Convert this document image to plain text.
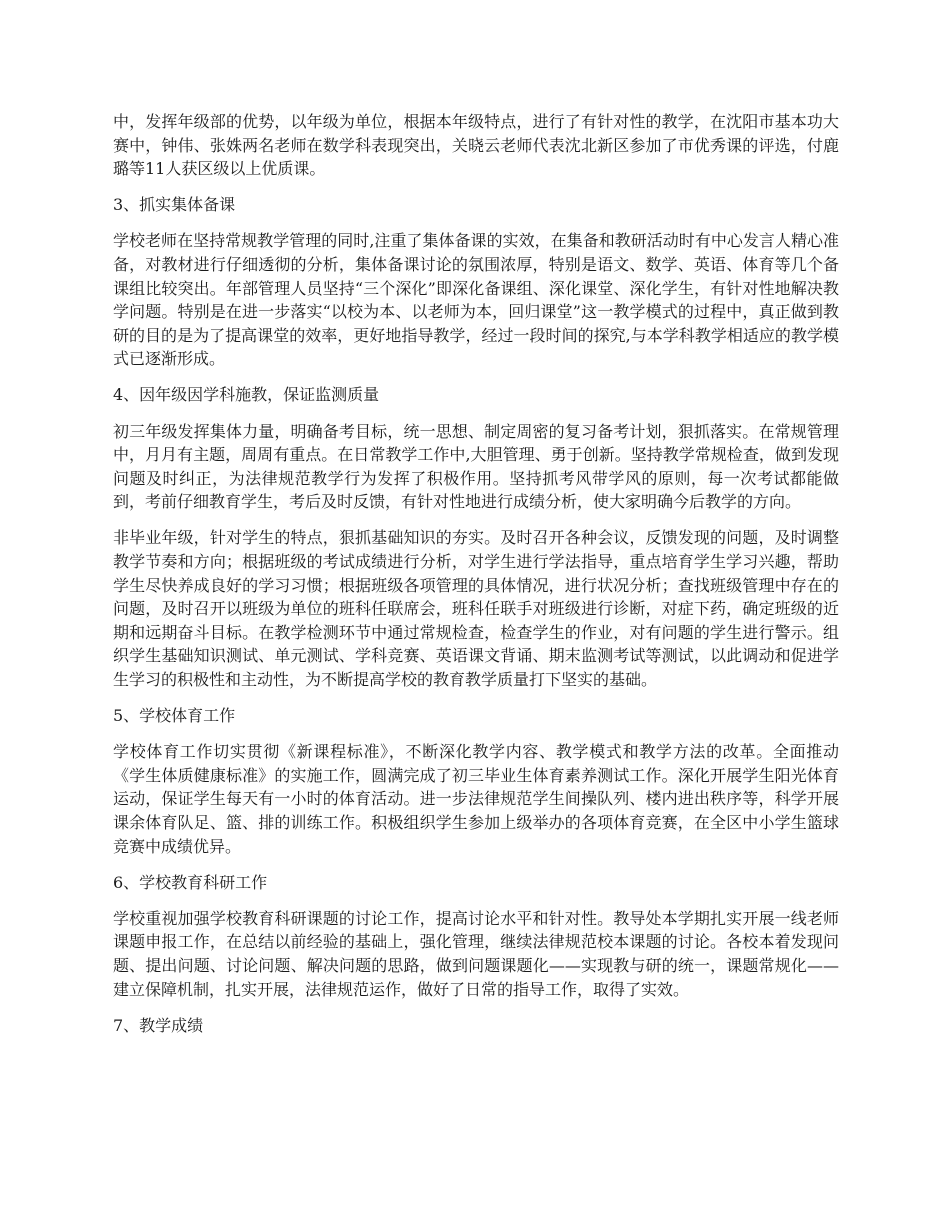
中，发挥年级部的优势，以年级为单位，根据本年级特点，进行了有针对性的教学，在沈阳市基本功大赛中，钟伟、张姝两名老师在数学科表现突出，关晓云老师代表沈北新区参加了市优秀课的评选，付鹿璐等11人获区级以上优质课。

3、抓实集体备课

学校老师在坚持常规教学管理的同时,注重了集体备课的实效，在集备和教研活动时有中心发言人精心准备，对教材进行仔细透彻的分析，集体备课讨论的氛围浓厚，特别是语文、数学、英语、体育等几个备课组比较突出。年部管理人员坚持“三个深化”即深化备课组、深化课堂、深化学生，有针对性地解决教学问题。特别是在进一步落实“以校为本、以老师为本，回归课堂”这一教学模式的过程中，真正做到教研的目的是为了提高课堂的效率，更好地指导教学，经过一段时间的探究,与本学科教学相适应的教学模式已逐渐形成。

4、因年级因学科施教，保证监测质量

初三年级发挥集体力量，明确备考目标，统一思想、制定周密的复习备考计划，狠抓落实。在常规管理中，月月有主题，周周有重点。在日常教学工作中,大胆管理、勇于创新。坚持教学常规检查，做到发现问题及时纠正，为法律规范教学行为发挥了积极作用。坚持抓考风带学风的原则，每一次考试都能做到，考前仔细教育学生，考后及时反馈，有针对性地进行成绩分析，使大家明确今后教学的方向。

非毕业年级，针对学生的特点，狠抓基础知识的夯实。及时召开各种会议，反馈发现的问题，及时调整教学节奏和方向；根据班级的考试成绩进行分析，对学生进行学法指导，重点培育学生学习兴趣，帮助学生尽快养成良好的学习习惯；根据班级各项管理的具体情况，进行状况分析；查找班级管理中存在的问题，及时召开以班级为单位的班科任联席会，班科任联手对班级进行诊断，对症下药，确定班级的近期和远期奋斗目标。在教学检测环节中通过常规检查，检查学生的作业，对有问题的学生进行警示。组织学生基础知识测试、单元测试、学科竞赛、英语课文背诵、期末监测考试等测试，以此调动和促进学生学习的积极性和主动性，为不断提高学校的教育教学质量打下坚实的基础。

5、学校体育工作

学校体育工作切实贯彻《新课程标准》，不断深化教学内容、教学模式和教学方法的改革。全面推动《学生体质健康标准》的实施工作，圆满完成了初三毕业生体育素养测试工作。深化开展学生阳光体育运动，保证学生每天有一小时的体育活动。进一步法律规范学生间操队列、楼内进出秩序等，科学开展课余体育队足、篮、排的训练工作。积极组织学生参加上级举办的各项体育竞赛，在全区中小学生篮球竞赛中成绩优异。

6、学校教育科研工作

学校重视加强学校教育科研课题的讨论工作，提高讨论水平和针对性。教导处本学期扎实开展一线老师课题申报工作，在总结以前经验的基础上，强化管理，继续法律规范校本课题的讨论。各校本着发现问题、提出问题、讨论问题、解决问题的思路，做到问题课题化——实现教与研的统一，课题常规化——建立保障机制，扎实开展，法律规范运作，做好了日常的指导工作，取得了实效。

7、教学成绩
